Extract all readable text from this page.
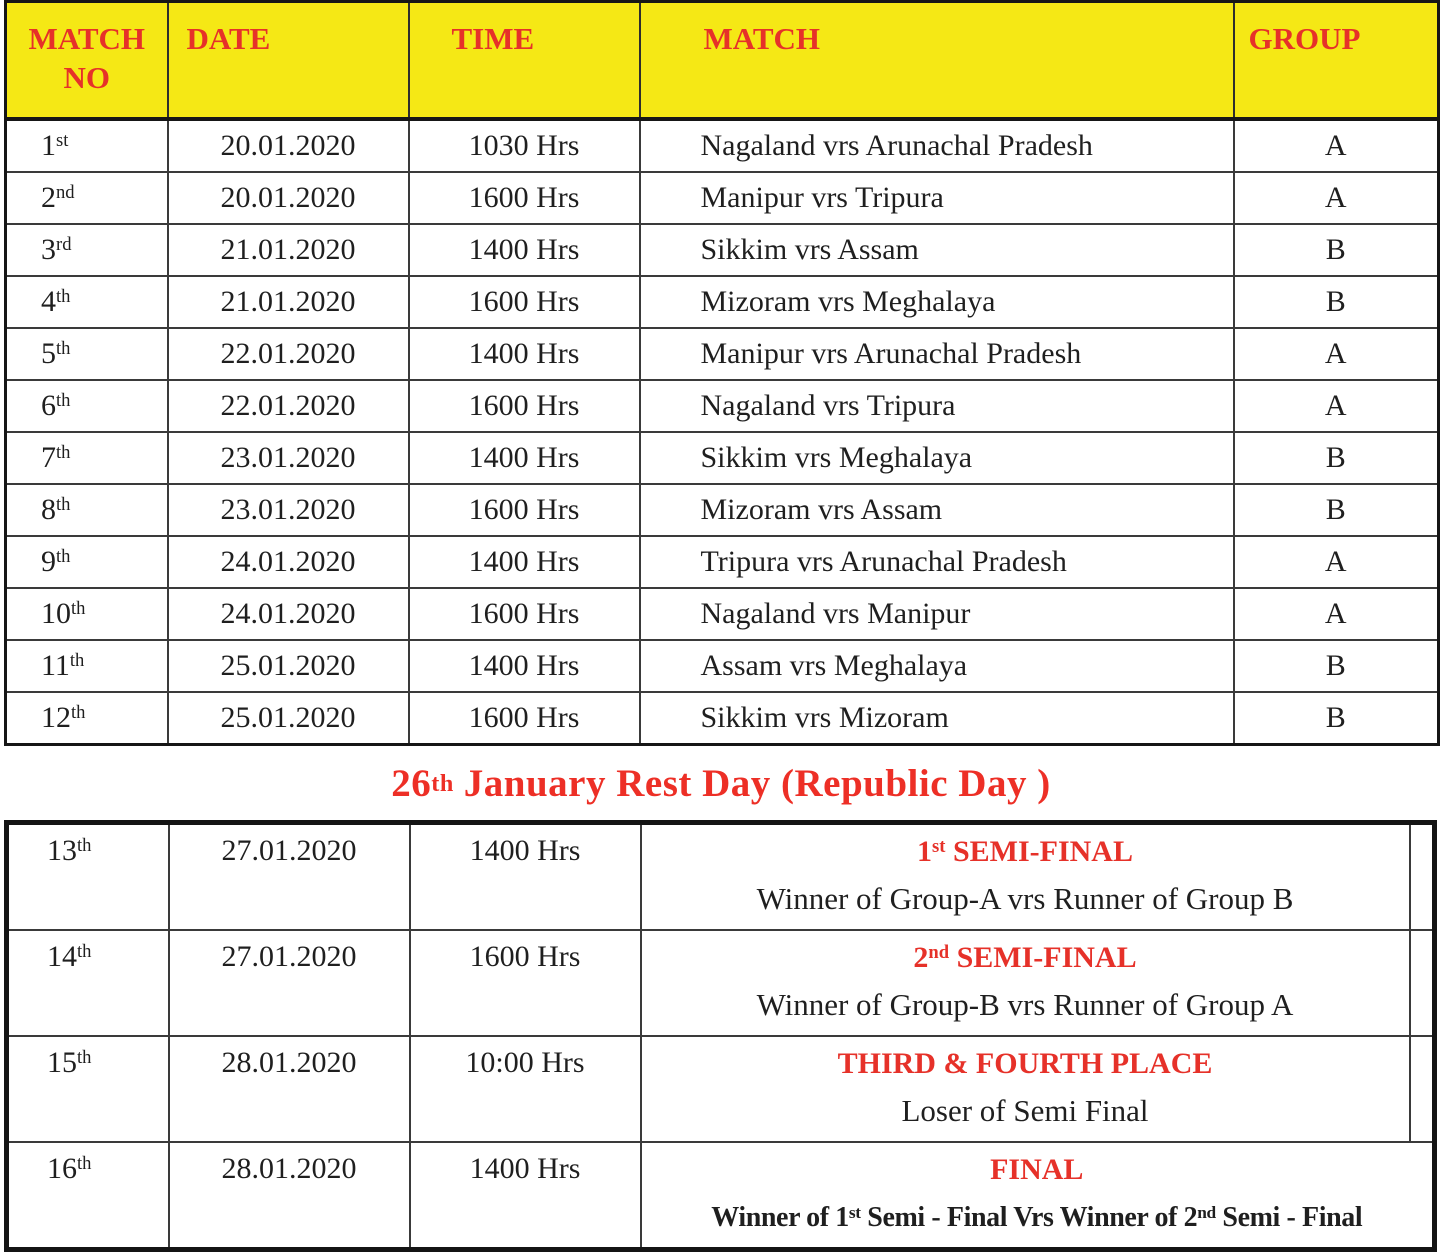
MATCH NO	DATE	TIME	MATCH	GROUP
1st	20.01.2020	1030 Hrs	Nagaland vrs Arunachal Pradesh	A
2nd	20.01.2020	1600 Hrs	Manipur vrs Tripura	A
3rd	21.01.2020	1400 Hrs	Sikkim vrs Assam	B
4th	21.01.2020	1600 Hrs	Mizoram vrs Meghalaya	B
5th	22.01.2020	1400 Hrs	Manipur vrs Arunachal Pradesh	A
6th	22.01.2020	1600 Hrs	Nagaland vrs Tripura	A
7th	23.01.2020	1400 Hrs	Sikkim vrs Meghalaya	B
8th	23.01.2020	1600 Hrs	Mizoram vrs Assam	B
9th	24.01.2020	1400 Hrs	Tripura vrs Arunachal Pradesh	A
10th	24.01.2020	1600 Hrs	Nagaland vrs Manipur	A
11th	25.01.2020	1400 Hrs	Assam vrs Meghalaya	B
12th	25.01.2020	1600 Hrs	Sikkim vrs Mizoram	B
26th January Rest Day (Republic Day )
13th	27.01.2020	1400 Hrs	1st SEMI-FINAL
Winner of Group-A vrs Runner of Group B	

14th	27.01.2020	1600 Hrs	2nd SEMI-FINAL
Winner of Group-B vrs Runner of Group A	

15th	28.01.2020	10:00 Hrs	THIRD & FOURTH PLACE
Loser of Semi Final	

16th	28.01.2020	1400 Hrs	FINAL
Winner of 1st Semi - Final Vrs Winner of 2nd Semi - Final	
